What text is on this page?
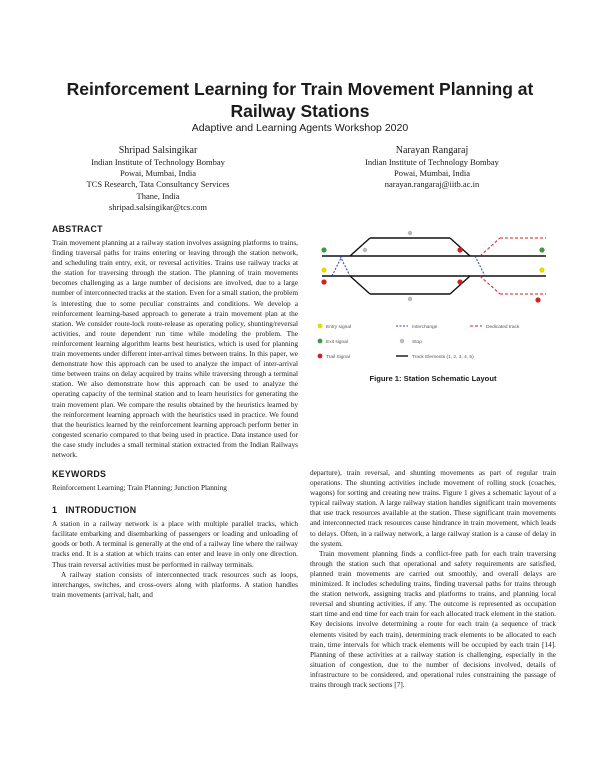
Reinforcement Learning for Train Movement Planning at Railway Stations
Adaptive and Learning Agents Workshop 2020
Shripad Salsingikar
Indian Institute of Technology Bombay
Powai, Mumbai, India
TCS Research, Tata Consultancy Services
Thane, India
shripad.salsingikar@tcs.com
Narayan Rangaraj
Indian Institute of Technology Bombay
Powai, Mumbai, India
narayan.rangaraj@iitb.ac.in
ABSTRACT

Train movement planning at a railway station involves assigning platforms to trains, finding traversal paths for trains entering or leaving through the station network, and scheduling train entry, exit, or reversal activities. Trains use railway tracks at the station for traversing through the station. The planning of train movements becomes challenging as a large number of decisions are involved, due to a large number of interconnected tracks at the station. Even for a small station, the problem is interesting due to some peculiar constraints and conditions. We develop a reinforcement learning-based approach to generate a train movement plan at the station. We consider route-lock route-release as operating policy, shunting/reversal activities, and route dependent run time while modeling the problem. The reinforcement learning algorithm learns best heuristics, which is used for planning train movements under different inter-arrival times between trains. In this paper, we demonstrate how this approach can be used to analyze the impact of inter-arrival time between trains on delay acquired by trains while traversing through a terminal station. We also demonstrate how this approach can be used to analyze the operating capacity of the terminal station and to learn heuristics for generating the train movement plan. We compare the results obtained by the heuristics learned by the reinforcement learning approach with the heuristics used in practice. We found that the heuristics learned by the reinforcement learning approach perform better in congested scenario compared to that being used in practice. Data instance used for the case study includes a small terminal station extracted from the Indian Railways network.

KEYWORDS

Reinforcement Learning; Train Planning; Junction Planning

1   INTRODUCTION

A station in a railway network is a place with multiple parallel tracks, which facilitate embarking and disembarking of passengers or loading and unloading of goods or both. A terminal is generally at the end of a railway line where the railway tracks end. It is a station at which trains can enter and leave in only one direction. Thus train reversal activities must be performed in railway terminals.

A railway station consists of interconnected track resources such as loops, interchanges, switches, and cross-overs along with platforms. A station handles train movements (arrival, halt, and

Entry signal	Interchange	Dedicated track
Exit signal	Stop
Trail Signal	Track Elements (1, 2, 3, 4, 5)
Figure 1: Station Schematic Layout

departure), train reversal, and shunting movements as part of regular train operations. The shunting activities include movement of rolling stock (coaches, wagons) for sorting and creating new trains. Figure 1 gives a schematic layout of a typical railway station. A large railway station handles significant train movements that use track resources available at the station. These significant train movements and interconnected track resources cause hindrance in train movement, which leads to delays. Often, in a railway network, a large railway station is a cause of delay in the system.

Train movement planning finds a conflict-free path for each train traversing through the station such that operational and safety requirements are satisfied, planned train movements are carried out smoothly, and overall delays are minimized. It includes scheduling trains, finding traversal paths for trains through the station network, assigning tracks and platforms to trains, and planning local reversal and shunting activities, if any. The outcome is represented as occupation start time and end time for each train for each allocated track element in the station. Key decisions involve determining a route for each train (a sequence of track elements visited by each train), determining track elements to be allocated to each train, time intervals for which track elements will be occupied by each train [14]. Planning of these activities at a railway station is challenging, especially in the situation of congestion, due to the number of decisions involved, details of infrastructure to be considered, and operational rules constraining the passage of trains through track sections [7].
